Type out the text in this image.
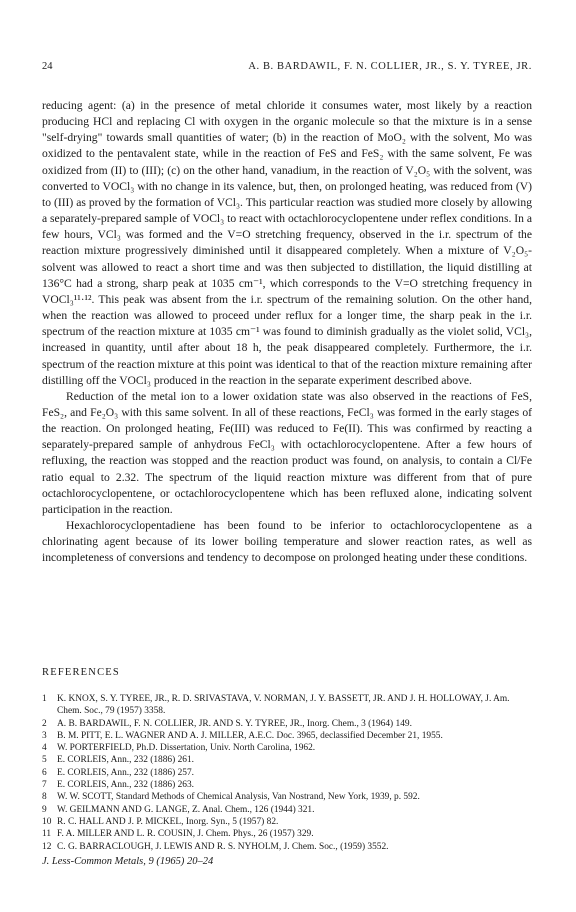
24	A. B. BARDAWIL, F. N. COLLIER, JR., S. Y. TYREE, JR.

reducing agent: (a) in the presence of metal chloride it consumes water, most likely by a reaction producing HCl and replacing Cl with oxygen in the organic molecule so that the mixture is in a sense "self-drying" towards small quantities of water; (b) in the reaction of MoO₂ with the solvent, Mo was oxidized to the pentavalent state, while in the reaction of FeS and FeS₂ with the same solvent, Fe was oxidized from (II) to (III); (c) on the other hand, vanadium, in the reaction of V₂O₅ with the solvent, was converted to VOCl₃ with no change in its valence, but, then, on prolonged heating, was reduced from (V) to (III) as proved by the formation of VCl₃. This particular reaction was studied more closely by allowing a separately-prepared sample of VOCl₃ to react with octachlorocyclopentene under reflex conditions. In a few hours, VCl₃ was formed and the V=O stretching frequency, observed in the i.r. spectrum of the reaction mixture progressively diminished until it disappeared completely. When a mixture of V₂O₅-solvent was allowed to react a short time and was then subjected to distillation, the liquid distilling at 136°C had a strong, sharp peak at 1035 cm⁻¹, which corresponds to the V=O stretching frequency in VOCl₃¹¹·¹². This peak was absent from the i.r. spectrum of the remaining solution. On the other hand, when the reaction was allowed to proceed under reflux for a longer time, the sharp peak in the i.r. spectrum of the reaction mixture at 1035 cm⁻¹ was found to diminish gradually as the violet solid, VCl₃, increased in quantity, until after about 18 h, the peak disappeared completely. Furthermore, the i.r. spectrum of the reaction mixture at this point was identical to that of the reaction mixture remaining after distilling off the VOCl₃ produced in the reaction in the separate experiment described above.

Reduction of the metal ion to a lower oxidation state was also observed in the reactions of FeS, FeS₂, and Fe₂O₃ with this same solvent. In all of these reactions, FeCl₃ was formed in the early stages of the reaction. On prolonged heating, Fe(III) was reduced to Fe(II). This was confirmed by reacting a separately-prepared sample of anhydrous FeCl₃ with octachlorocyclopentene. After a few hours of refluxing, the reaction was stopped and the reaction product was found, on analysis, to contain a Cl/Fe ratio equal to 2.32. The spectrum of the liquid reaction mixture was different from that of pure octachlorocyclopentene, or octachlorocyclopentene which has been refluxed alone, indicating solvent participation in the reaction.

Hexachlorocyclopentadiene has been found to be inferior to octachlorocyclopentene as a chlorinating agent because of its lower boiling temperature and slower reaction rates, as well as incompleteness of conversions and tendency to decompose on prolonged heating under these conditions.

REFERENCES
1	K. KNOX, S. Y. TYREE, JR., R. D. SRIVASTAVA, V. NORMAN, J. Y. BASSETT, JR. AND J. H. HOLLOWAY, J. Am. Chem. Soc., 79 (1957) 3358.
2	A. B. BARDAWIL, F. N. COLLIER, JR. AND S. Y. TYREE, JR., Inorg. Chem., 3 (1964) 149.
3	B. M. PITT, E. L. WAGNER AND A. J. MILLER, A.E.C. Doc. 3965, declassified December 21, 1955.
4	W. PORTERFIELD, Ph.D. Dissertation, Univ. North Carolina, 1962.
5	E. CORLEIS, Ann., 232 (1886) 261.
6	E. CORLEIS, Ann., 232 (1886) 257.
7	E. CORLEIS, Ann., 232 (1886) 263.
8	W. W. SCOTT, Standard Methods of Chemical Analysis, Van Nostrand, New York, 1939, p. 592.
9	W. GEILMANN AND G. LANGE, Z. Anal. Chem., 126 (1944) 321.
10 R. C. HALL AND J. P. MICKEL, Inorg. Syn., 5 (1957) 82.
11 F. A. MILLER AND L. R. COUSIN, J. Chem. Phys., 26 (1957) 329.
12 C. G. BARRACLOUGH, J. LEWIS AND R. S. NYHOLM, J. Chem. Soc., (1959) 3552.
J. Less-Common Metals, 9 (1965) 20–24
